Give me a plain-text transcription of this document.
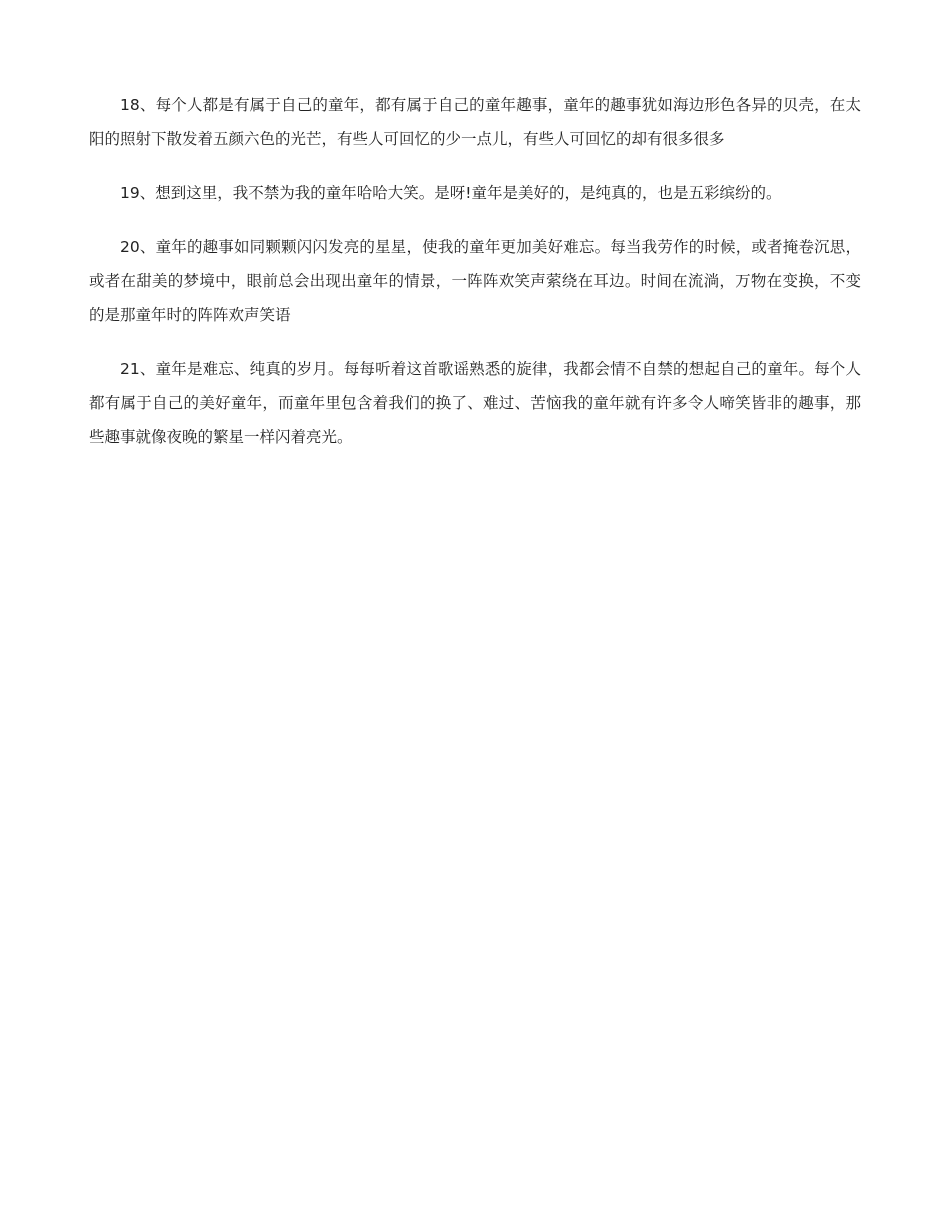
18、每个人都是有属于自己的童年，都有属于自己的童年趣事，童年的趣事犹如海边形色各异的贝壳，在太阳的照射下散发着五颜六色的光芒，有些人可回忆的少一点儿，有些人可回忆的却有很多很多

19、想到这里，我不禁为我的童年哈哈大笑。是呀!童年是美好的，是纯真的，也是五彩缤纷的。

20、童年的趣事如同颗颗闪闪发亮的星星，使我的童年更加美好难忘。每当我劳作的时候，或者掩卷沉思，或者在甜美的梦境中，眼前总会出现出童年的情景，一阵阵欢笑声萦绕在耳边。时间在流淌，万物在变换，不变的是那童年时的阵阵欢声笑语

21、童年是难忘、纯真的岁月。每每听着这首歌谣熟悉的旋律，我都会情不自禁的想起自己的童年。每个人都有属于自己的美好童年，而童年里包含着我们的换了、难过、苦恼我的童年就有许多令人啼笑皆非的趣事，那些趣事就像夜晚的繁星一样闪着亮光。
